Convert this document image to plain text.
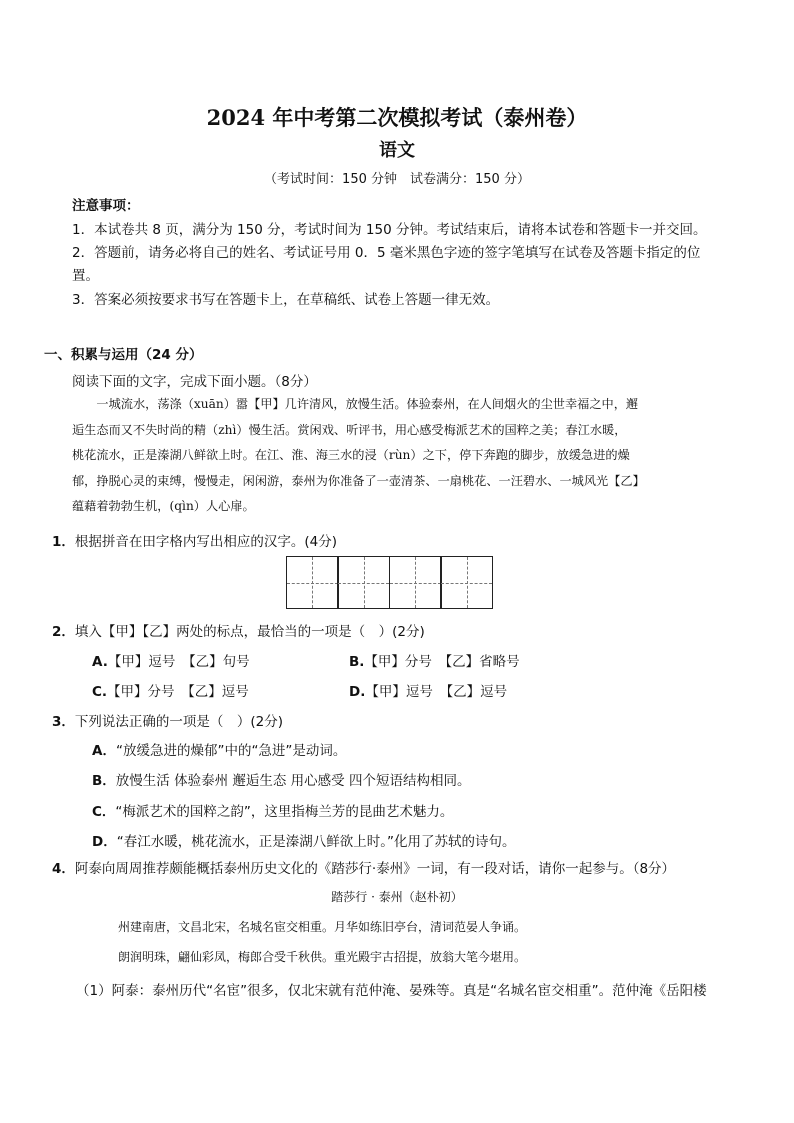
2024 年中考第二次模拟考试（泰州卷）
语文
（考试时间：150 分钟　试卷满分：150 分）
注意事项：
1．本试卷共 8 页，满分为 150 分，考试时间为 150 分钟。考试结束后，请将本试卷和答题卡一并交回。
2．答题前，请务必将自己的姓名、考试证号用 0．5 毫米黑色字迹的签字笔填写在试卷及答题卡指定的位
置。
3．答案必须按要求书写在答题卡上，在草稿纸、试卷上答题一律无效。
一、积累与运用（24 分）
阅读下面的文字，完成下面小题。（8分）
一城流水，荡涤（xuān）嚣【甲】几许清风，放慢生活。体验泰州，在人间烟火的尘世幸福之中，邂
逅生态而又不失时尚的精（zhì）慢生活。赏闲戏、听评书，用心感受梅派艺术的国粹之美；春江水暖，
桃花流水，正是溱湖八鲜欲上时。在江、淮、海三水的浸（rùn）之下，停下奔跑的脚步，放缓急进的燥
郁，挣脱心灵的束缚，慢慢走，闲闲游，泰州为你准备了一壶清茶、一扇桃花、一汪碧水、一城风光【乙】
蕴藉着勃勃生机，(qìn）人心扉。
1．根据拼音在田字格内写出相应的汉字。(4分)
2．填入【甲】【乙】两处的标点，最恰当的一项是（　）(2分)
A.【甲】逗号　【乙】句号	B.【甲】分号　【乙】省略号
C.【甲】分号　【乙】逗号	D.【甲】逗号　【乙】逗号
3．下列说法正确的一项是（　）(2分)
A．“放缓急进的燥郁”中的“急进”是动词。
B．放慢生活 体验泰州 邂逅生态 用心感受 四个短语结构相同。
C．“梅派艺术的国粹之韵”，这里指梅兰芳的昆曲艺术魅力。
D．“春江水暖，桃花流水，正是溱湖八鲜欲上时。”化用了苏轼的诗句。
4．阿泰向周周推荐颇能概括泰州历史文化的《踏莎行·泰州》一词，有一段对话，请你一起参与。（8分）
踏莎行 · 泰州（赵朴初）
州建南唐，文昌北宋，名城名宦交相重。月华如练旧亭台，清词范晏人争诵。
朗润明珠，翩仙彩凤，梅郎合受千秋供。重光殿宇古招提，放翁大笔今堪用。
（1）阿泰：泰州历代“名宦”很多，仅北宋就有范仲淹、晏殊等。真是“名城名宦交相重”。范仲淹《岳阳楼
